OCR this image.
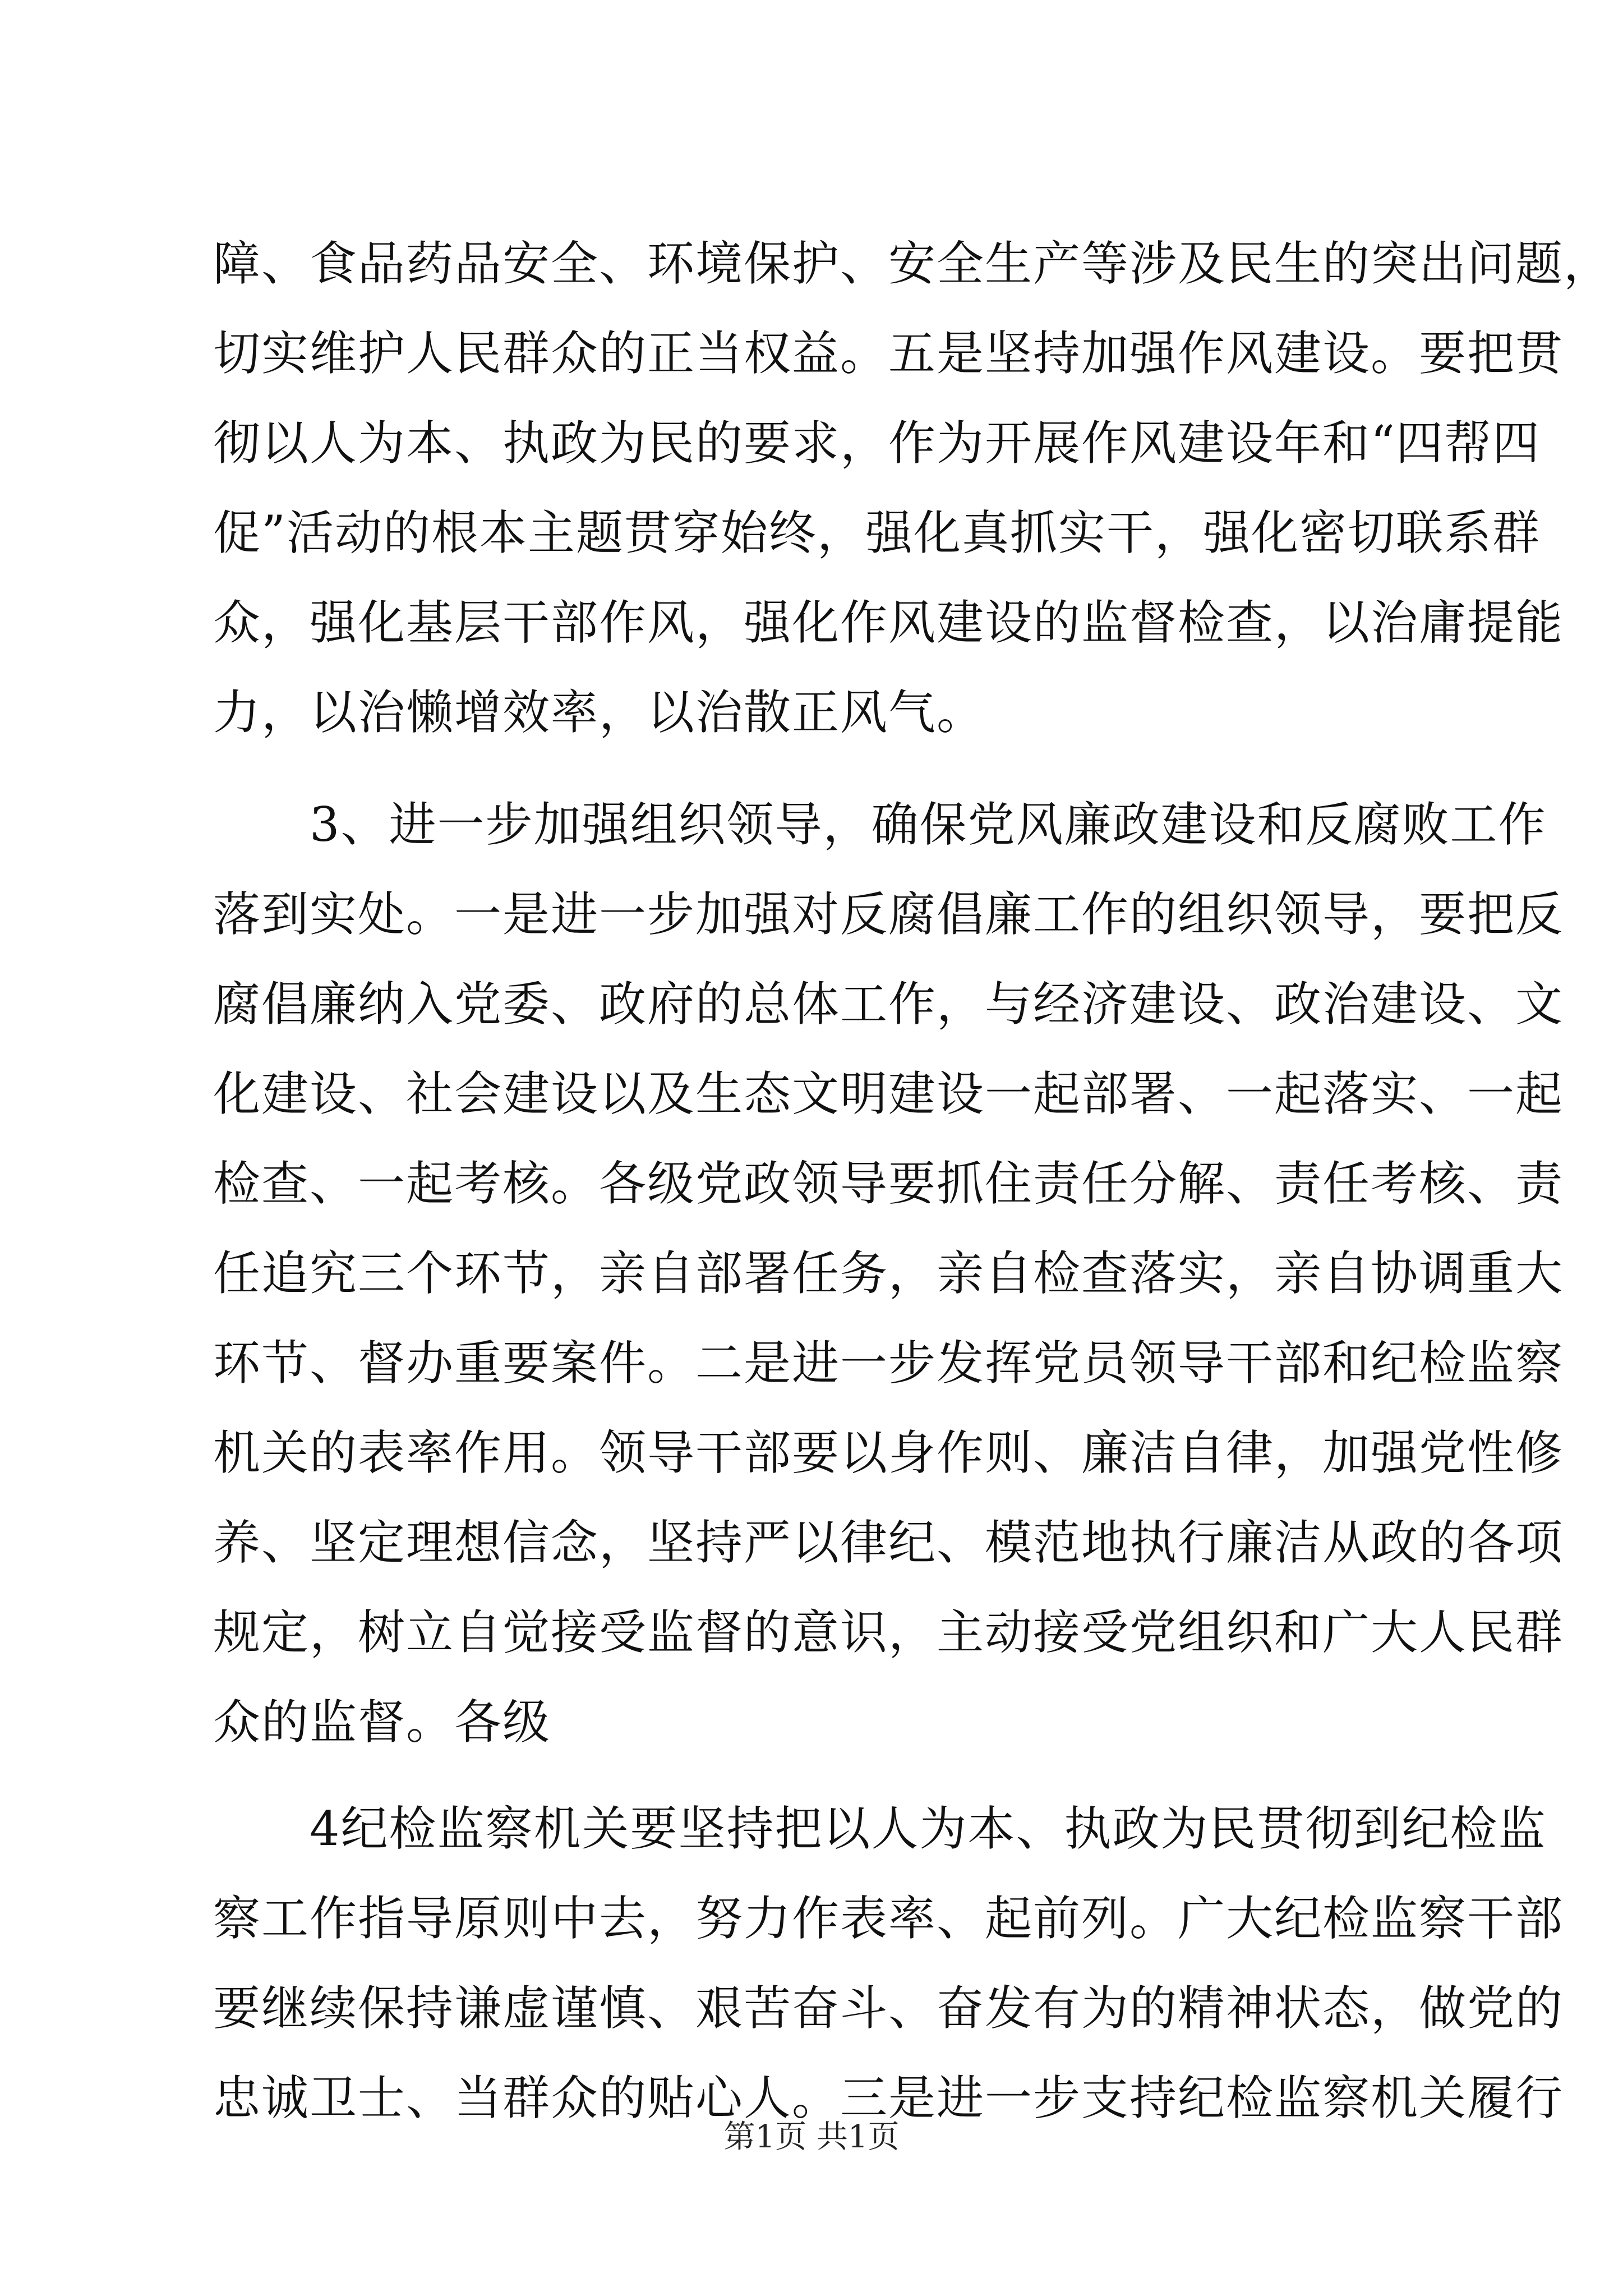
障、食品药品安全、环境保护、安全生产等涉及民生的突出问题，
切实维护人民群众的正当权益。五是坚持加强作风建设。要把贯
彻以人为本、执政为民的要求，作为开展作风建设年和“四帮四
促”活动的根本主题贯穿始终，强化真抓实干，强化密切联系群
众，强化基层干部作风，强化作风建设的监督检查，以治庸提能
力，以治懒增效率，以治散正风气。
　　3、进一步加强组织领导，确保党风廉政建设和反腐败工作
落到实处。一是进一步加强对反腐倡廉工作的组织领导，要把反
腐倡廉纳入党委、政府的总体工作，与经济建设、政治建设、文
化建设、社会建设以及生态文明建设一起部署、一起落实、一起
检查、一起考核。各级党政领导要抓住责任分解、责任考核、责
任追究三个环节，亲自部署任务，亲自检查落实，亲自协调重大
环节、督办重要案件。二是进一步发挥党员领导干部和纪检监察
机关的表率作用。领导干部要以身作则、廉洁自律，加强党性修
养、坚定理想信念，坚持严以律纪、模范地执行廉洁从政的各项
规定，树立自觉接受监督的意识，主动接受党组织和广大人民群
众的监督。各级
　　4纪检监察机关要坚持把以人为本、执政为民贯彻到纪检监
察工作指导原则中去，努力作表率、起前列。广大纪检监察干部
要继续保持谦虚谨慎、艰苦奋斗、奋发有为的精神状态，做党的
忠诚卫士、当群众的贴心人。三是进一步支持纪检监察机关履行
第1页 共1页
